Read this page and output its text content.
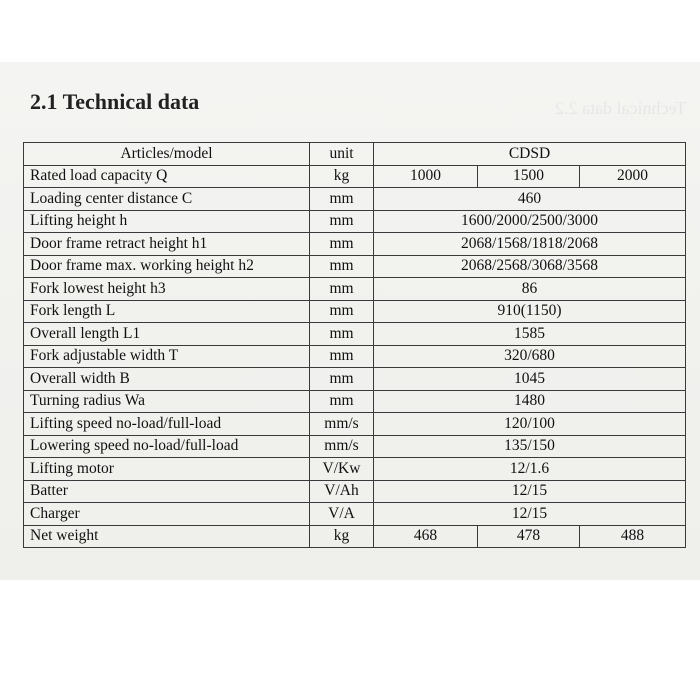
Technical data 2.2
2.1 Technical data
Articles/model	unit	CDSD		
Rated load capacity Q	kg	1000	1500	2000
Loading center distance C	mm	460		
Lifting height h	mm	1600/2000/2500/3000		
Door frame retract height h1	mm	2068/1568/1818/2068		
Door frame max. working height h2	mm	2068/2568/3068/3568		
Fork lowest height h3	mm	86		
Fork length L	mm	910(1150)		
Overall length L1	mm	1585		
Fork adjustable width T	mm	320/680		
Overall width B	mm	1045		
Turning radius Wa	mm	1480		
Lifting speed no-load/full-load	mm/s	120/100		
Lowering speed no-load/full-load	mm/s	135/150		
Lifting motor	V/Kw	12/1.6		
Batter	V/Ah	12/15		
Charger	V/A	12/15		
Net weight	kg	468	478	488
